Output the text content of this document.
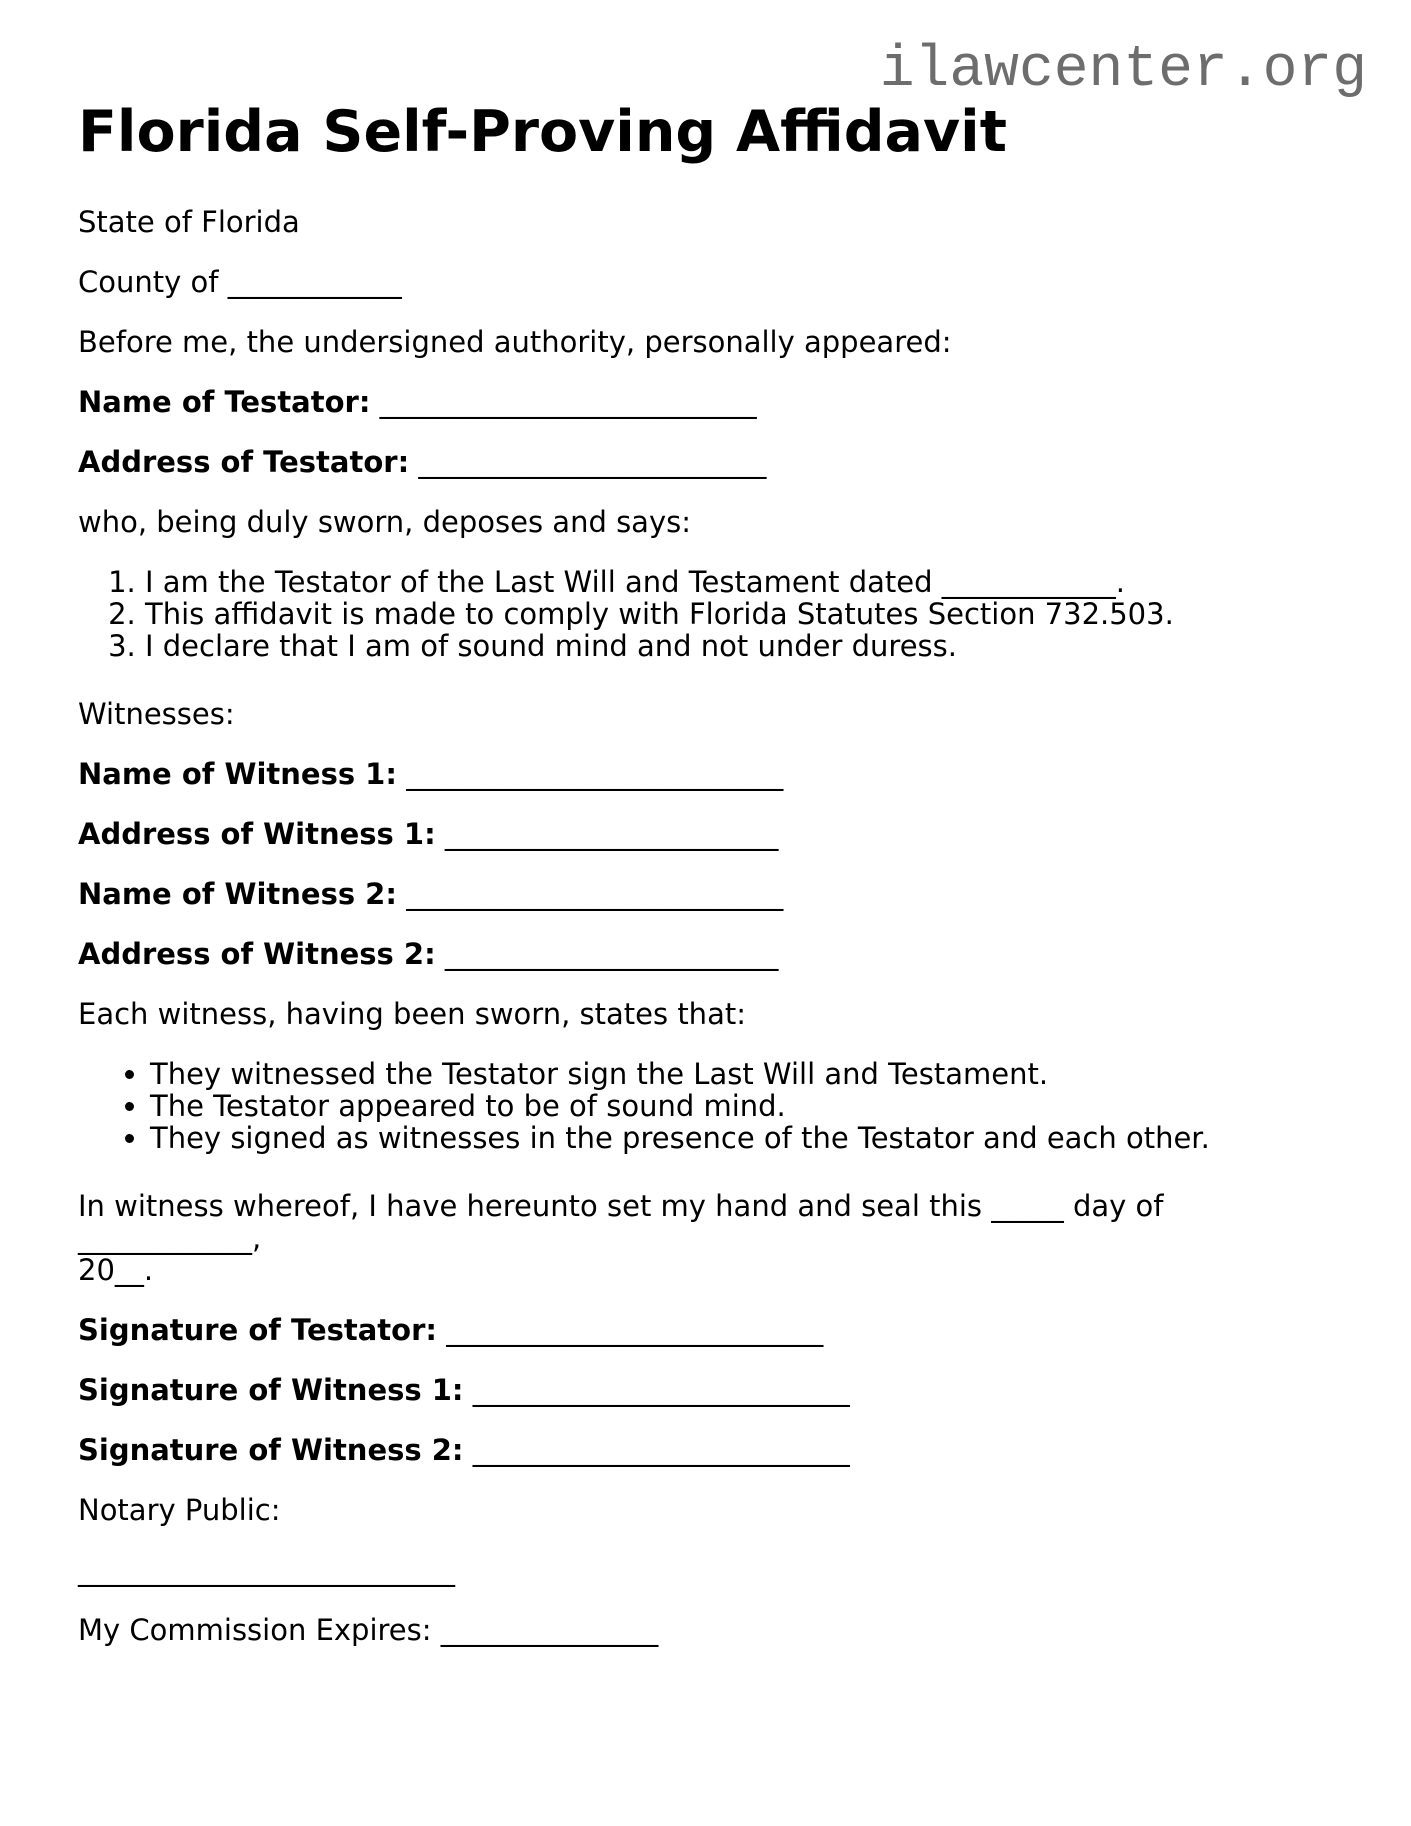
ilawcenter.org
Florida Self-Proving Affidavit

State of Florida

County of ____________

Before me, the undersigned authority, personally appeared:

Name of Testator: __________________________

Address of Testator: ________________________

who, being duly sworn, deposes and says:

1. I am the Testator of the Last Will and Testament dated ____________.
2. This affidavit is made to comply with Florida Statutes Section 732.503.
3. I declare that I am of sound mind and not under duress.

Witnesses:

Name of Witness 1: __________________________

Address of Witness 1: _______________________

Name of Witness 2: __________________________

Address of Witness 2: _______________________

Each witness, having been sworn, states that:

• They witnessed the Testator sign the Last Will and Testament.
• The Testator appeared to be of sound mind.
• They signed as witnesses in the presence of the Testator and each other.

In witness whereof, I have hereunto set my hand and seal this _____ day of ____________,
20__.

Signature of Testator: __________________________

Signature of Witness 1: __________________________

Signature of Witness 2: __________________________

Notary Public:

__________________________

My Commission Expires: _______________
